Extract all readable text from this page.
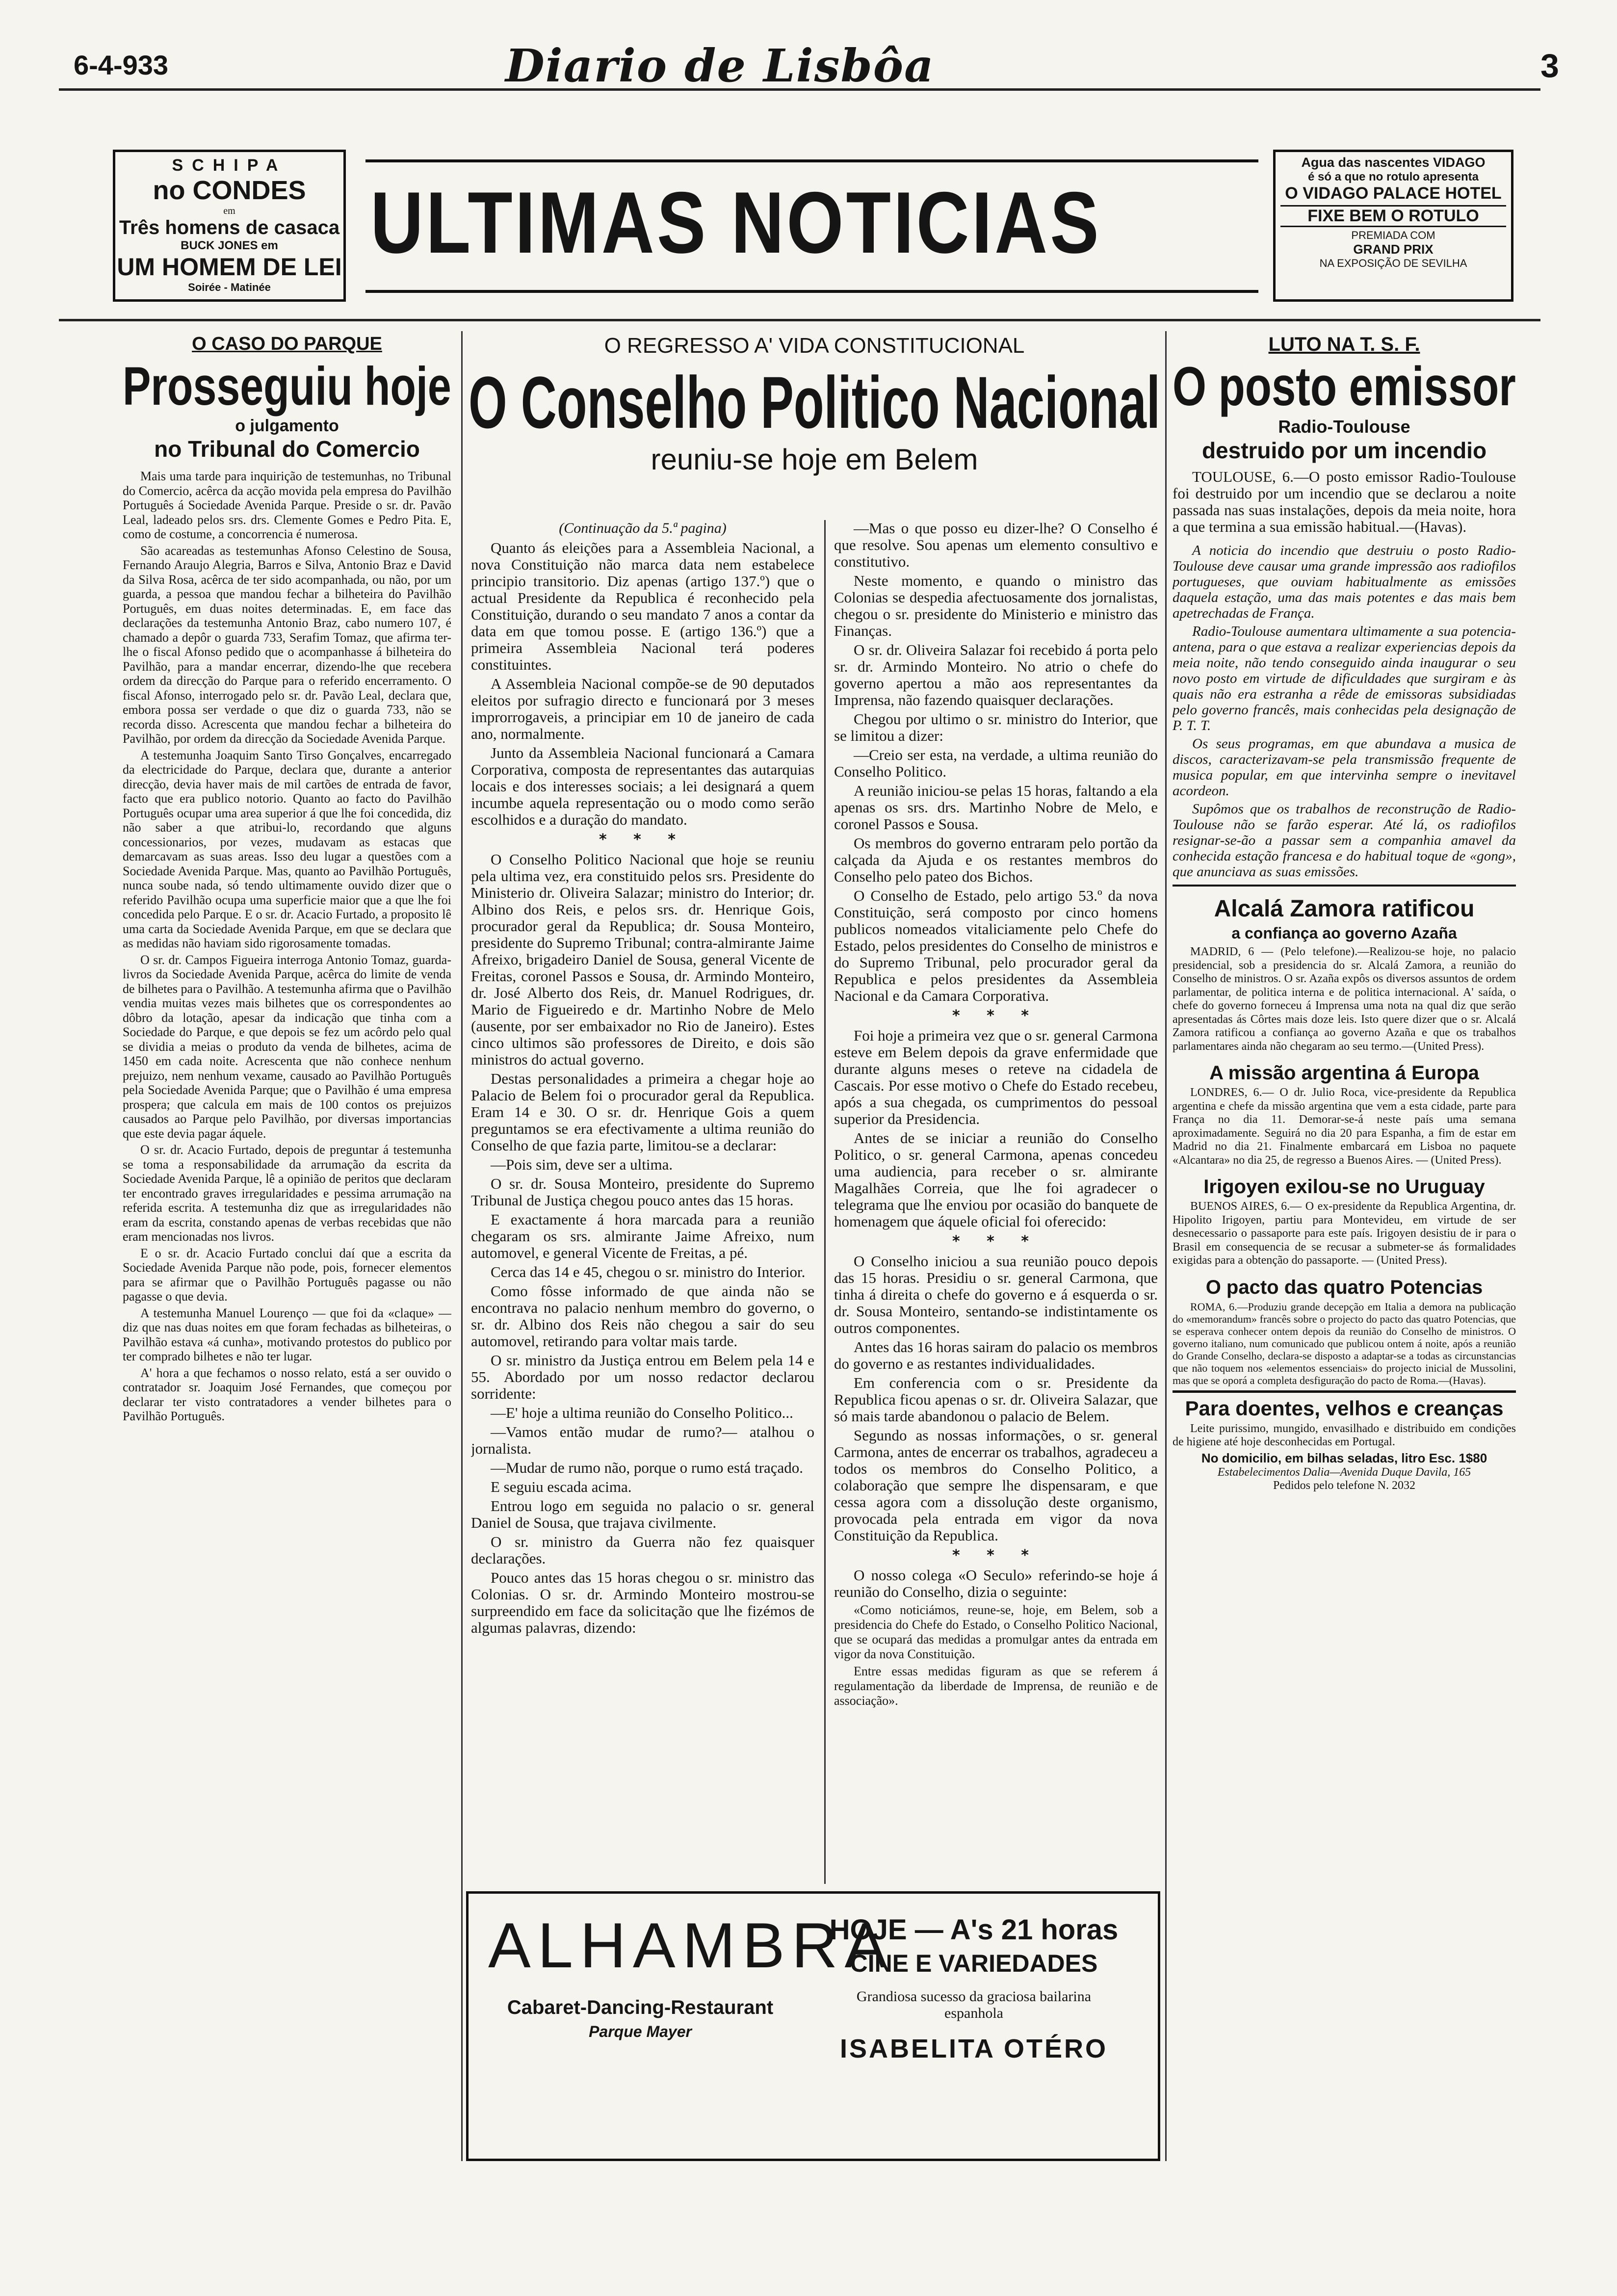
6-4-933	Diario de Lisbôa	3
SCHIPA
no CONDES
em
Três homens de casaca
BUCK JONES em
UM HOMEM DE LEI
Soirée - Matinée
ULTIMAS NOTICIAS
Agua das nascentes VIDAGO
é só a que no rotulo apresenta
O VIDAGO PALACE HOTEL
FIXE BEM O ROTULO
PREMIADA COM
GRAND PRIX
NA EXPOSIÇÃO DE SEVILHA
O CASO DO PARQUE
Prosseguiu hoje
o julgamento
no Tribunal do Comercio

Mais uma tarde para inquirição de testemunhas, no Tribunal do Comercio, acêrca da acção movida pela empresa do Pavilhão Português á Sociedade Avenida Parque. Preside o sr. dr. Pavão Leal, ladeado pelos srs. drs. Clemente Gomes e Pedro Pita. E, como de costume, a concorrencia é numerosa.

São acareadas as testemunhas Afonso Celestino de Sousa, Fernando Araujo Alegria, Barros e Silva, Antonio Braz e David da Silva Rosa, acêrca de ter sido acompanhada, ou não, por um guarda, a pessoa que mandou fechar a bilheteira do Pavilhão Português, em duas noites determinadas. E, em face das declarações da testemunha Antonio Braz, cabo numero 107, é chamado a depôr o guarda 733, Serafim Tomaz, que afirma ter-lhe o fiscal Afonso pedido que o acompanhasse á bilheteira do Pavilhão, para a mandar encerrar, dizendo-lhe que recebera ordem da direcção do Parque para o referido encerramento. O fiscal Afonso, interrogado pelo sr. dr. Pavão Leal, declara que, embora possa ser verdade o que diz o guarda 733, não se recorda disso. Acrescenta que mandou fechar a bilheteira do Pavilhão, por ordem da direcção da Sociedade Avenida Parque.

A testemunha Joaquim Santo Tirso Gonçalves, encarregado da electricidade do Parque, declara que, durante a anterior direcção, devia haver mais de mil cartões de entrada de favor, facto que era publico notorio. Quanto ao facto do Pavilhão Português ocupar uma area superior á que lhe foi concedida, diz não saber a que atribui-lo, recordando que alguns concessionarios, por vezes, mudavam as estacas que demarcavam as suas areas. Isso deu lugar a questões com a Sociedade Avenida Parque. Mas, quanto ao Pavilhão Português, nunca soube nada, só tendo ultimamente ouvido dizer que o referido Pavilhão ocupa uma superficie maior que a que lhe foi concedida pelo Parque. E o sr. dr. Acacio Furtado, a proposito lê uma carta da Sociedade Avenida Parque, em que se declara que as medidas não haviam sido rigorosamente tomadas.

O sr. dr. Campos Figueira interroga Antonio Tomaz, guarda-livros da Sociedade Avenida Parque, acêrca do limite de venda de bilhetes para o Pavilhão. A testemunha afirma que o Pavilhão vendia muitas vezes mais bilhetes que os correspondentes ao dôbro da lotação, apesar da indicação que tinha com a Sociedade do Parque, e que depois se fez um acôrdo pelo qual se dividia a meias o produto da venda de bilhetes, acima de 1450 em cada noite. Acrescenta que não conhece nenhum prejuizo, nem nenhum vexame, causado ao Pavilhão Português pela Sociedade Avenida Parque; que o Pavilhão é uma empresa prospera; que calcula em mais de 100 contos os prejuizos causados ao Parque pelo Pavilhão, por diversas importancias que este devia pagar áquele.

O sr. dr. Acacio Furtado, depois de preguntar á testemunha se toma a responsabilidade da arrumação da escrita da Sociedade Avenida Parque, lê a opinião de peritos que declaram ter encontrado graves irregularidades e pessima arrumação na referida escrita. A testemunha diz que as irregularidades não eram da escrita, constando apenas de verbas recebidas que não eram mencionadas nos livros.

E o sr. dr. Acacio Furtado conclui daí que a escrita da Sociedade Avenida Parque não pode, pois, fornecer elementos para se afirmar que o Pavilhão Português pagasse ou não pagasse o que devia.

A testemunha Manuel Lourenço — que foi da «claque» — diz que nas duas noites em que foram fechadas as bilheteiras, o Pavilhão estava «á cunha», motivando protestos do publico por ter comprado bilhetes e não ter lugar.

A' hora a que fechamos o nosso relato, está a ser ouvido o contratador sr. Joaquim José Fernandes, que começou por declarar ter visto contratadores a vender bilhetes para o Pavilhão Português.

O REGRESSO A' VIDA CONSTITUCIONAL
O Conselho Politico Nacional
reuniu-se hoje em Belem
(Continuação da 5.ª pagina)

Quanto ás eleições para a Assembleia Nacional, a nova Constituição não marca data nem estabelece principio transitorio. Diz apenas (artigo 137.º) que o actual Presidente da Republica é reconhecido pela Constituição, durando o seu mandato 7 anos a contar da data em que tomou posse. E (artigo 136.º) que a primeira Assembleia Nacional terá poderes constituintes.

A Assembleia Nacional compõe-se de 90 deputados eleitos por sufragio directo e funcionará por 3 meses improrrogaveis, a principiar em 10 de janeiro de cada ano, normalmente.

Junto da Assembleia Nacional funcionará a Camara Corporativa, composta de representantes das autarquias locais e dos interesses sociais; a lei designará a quem incumbe aquela representação ou o modo como serão escolhidos e a duração do mandato.

* * *

O Conselho Politico Nacional que hoje se reuniu pela ultima vez, era constituido pelos srs. Presidente do Ministerio dr. Oliveira Salazar; ministro do Interior; dr. Albino dos Reis, e pelos srs. dr. Henrique Gois, procurador geral da Republica; dr. Sousa Monteiro, presidente do Supremo Tribunal; contra-almirante Jaime Afreixo, brigadeiro Daniel de Sousa, general Vicente de Freitas, coronel Passos e Sousa, dr. Armindo Monteiro, dr. José Alberto dos Reis, dr. Manuel Rodrigues, dr. Mario de Figueiredo e dr. Martinho Nobre de Melo (ausente, por ser embaixador no Rio de Janeiro). Estes cinco ultimos são professores de Direito, e dois são ministros do actual governo.

Destas personalidades a primeira a chegar hoje ao Palacio de Belem foi o procurador geral da Republica. Eram 14 e 30. O sr. dr. Henrique Gois a quem preguntamos se era efectivamente a ultima reunião do Conselho de que fazia parte, limitou-se a declarar:

—Pois sim, deve ser a ultima.

O sr. dr. Sousa Monteiro, presidente do Supremo Tribunal de Justiça chegou pouco antes das 15 horas.

E exactamente á hora marcada para a reunião chegaram os srs. almirante Jaime Afreixo, num automovel, e general Vicente de Freitas, a pé.

Cerca das 14 e 45, chegou o sr. ministro do Interior.

Como fôsse informado de que ainda não se encontrava no palacio nenhum membro do governo, o sr. dr. Albino dos Reis não chegou a sair do seu automovel, retirando para voltar mais tarde.

O sr. ministro da Justiça entrou em Belem pela 14 e 55. Abordado por um nosso redactor declarou sorridente:

—E' hoje a ultima reunião do Conselho Politico...

—Vamos então mudar de rumo?— atalhou o jornalista.

—Mudar de rumo não, porque o rumo está traçado.

E seguiu escada acima.

Entrou logo em seguida no palacio o sr. general Daniel de Sousa, que trajava civilmente.

O sr. ministro da Guerra não fez quaisquer declarações.

Pouco antes das 15 horas chegou o sr. ministro das Colonias. O sr. dr. Armindo Monteiro mostrou-se surpreendido em face da solicitação que lhe fizémos de algumas palavras, dizendo:

—Mas o que posso eu dizer-lhe? O Conselho é que resolve. Sou apenas um elemento consultivo e constitutivo.

Neste momento, e quando o ministro das Colonias se despedia afectuosamente dos jornalistas, chegou o sr. presidente do Ministerio e ministro das Finanças.

O sr. dr. Oliveira Salazar foi recebido á porta pelo sr. dr. Armindo Monteiro. No atrio o chefe do governo apertou a mão aos representantes da Imprensa, não fazendo quaisquer declarações.

Chegou por ultimo o sr. ministro do Interior, que se limitou a dizer:

—Creio ser esta, na verdade, a ultima reunião do Conselho Politico.

A reunião iniciou-se pelas 15 horas, faltando a ela apenas os srs. drs. Martinho Nobre de Melo, e coronel Passos e Sousa.

Os membros do governo entraram pelo portão da calçada da Ajuda e os restantes membros do Conselho pelo pateo dos Bichos.

O Conselho de Estado, pelo artigo 53.º da nova Constituição, será composto por cinco homens publicos nomeados vitaliciamente pelo Chefe do Estado, pelos presidentes do Conselho de ministros e do Supremo Tribunal, pelo procurador geral da Republica e pelos presidentes da Assembleia Nacional e da Camara Corporativa.

* * *

Foi hoje a primeira vez que o sr. general Carmona esteve em Belem depois da grave enfermidade que durante alguns meses o reteve na cidadela de Cascais. Por esse motivo o Chefe do Estado recebeu, após a sua chegada, os cumprimentos do pessoal superior da Presidencia.

Antes de se iniciar a reunião do Conselho Politico, o sr. general Carmona, apenas concedeu uma audiencia, para receber o sr. almirante Magalhães Correia, que lhe foi agradecer o telegrama que lhe enviou por ocasião do banquete de homenagem que áquele oficial foi oferecido:

* * *

O Conselho iniciou a sua reunião pouco depois das 15 horas. Presidiu o sr. general Carmona, que tinha á direita o chefe do governo e á esquerda o sr. dr. Sousa Monteiro, sentando-se indistintamente os outros componentes.

Antes das 16 horas sairam do palacio os membros do governo e as restantes individualidades.

Em conferencia com o sr. Presidente da Republica ficou apenas o sr. dr. Oliveira Salazar, que só mais tarde abandonou o palacio de Belem.

Segundo as nossas informações, o sr. general Carmona, antes de encerrar os trabalhos, agradeceu a todos os membros do Conselho Politico, a colaboração que sempre lhe dispensaram, e que cessa agora com a dissolução deste organismo, provocada pela entrada em vigor da nova Constituição da Republica.

* * *

O nosso colega «O Seculo» referindo-se hoje á reunião do Conselho, dizia o seguinte:

«Como noticiámos, reune-se, hoje, em Belem, sob a presidencia do Chefe do Estado, o Conselho Politico Nacional, que se ocupará das medidas a promulgar antes da entrada em vigor da nova Constituição.

Entre essas medidas figuram as que se referem á regulamentação da liberdade de Imprensa, de reunião e de associação».

ALHAMBRA
Cabaret-Dancing-Restaurant
Parque Mayer
HOJE — A's 21 horas
CINE E VARIEDADES
Grandiosa sucesso da graciosa bailarina
espanhola
ISABELITA OTÉRO
LUTO NA T. S. F.
O posto emissor
Radio-Toulouse
destruido por um incendio

TOULOUSE, 6.—O posto emissor Radio-Toulouse foi destruido por um incendio que se declarou a noite passada nas suas instalações, depois da meia noite, hora a que termina a sua emissão habitual.—(Havas).

A noticia do incendio que destruiu o posto Radio-Toulouse deve causar uma grande impressão aos radiofilos portugueses, que ouviam habitualmente as emissões daquela estação, uma das mais potentes e das mais bem apetrechadas de França.

Radio-Toulouse aumentara ultimamente a sua potencia-antena, para o que estava a realizar experiencias depois da meia noite, não tendo conseguido ainda inaugurar o seu novo posto em virtude de dificuldades que surgiram e às quais não era estranha a rêde de emissoras subsidiadas pelo governo francês, mais conhecidas pela designação de P. T. T.

Os seus programas, em que abundava a musica de discos, caracterizavam-se pela transmissão frequente de musica popular, em que intervinha sempre o inevitavel acordeon.

Supômos que os trabalhos de reconstrução de Radio-Toulouse não se farão esperar. Até lá, os radiofilos resignar-se-ão a passar sem a companhia amavel da conhecida estação francesa e do habitual toque de «gong», que anunciava as suas emissões.

Alcalá Zamora ratificou
a confiança ao governo Azaña

MADRID, 6 — (Pelo telefone).—Realizou-se hoje, no palacio presidencial, sob a presidencia do sr. Alcalá Zamora, a reunião do Conselho de ministros. O sr. Azaña expôs os diversos assuntos de ordem parlamentar, de politica interna e de politica internacional. A' saída, o chefe do governo forneceu á Imprensa uma nota na qual diz que serão apresentadas ás Côrtes mais doze leis. Isto quere dizer que o sr. Alcalá Zamora ratificou a confiança ao governo Azaña e que os trabalhos parlamentares ainda não chegaram ao seu termo.—(United Press).

A missão argentina á Europa

LONDRES, 6.— O dr. Julio Roca, vice-presidente da Republica argentina e chefe da missão argentina que vem a esta cidade, parte para França no dia 11. Demorar-se-á neste país uma semana aproximadamente. Seguirá no dia 20 para Espanha, a fim de estar em Madrid no dia 21. Finalmente embarcará em Lisboa no paquete «Alcantara» no dia 25, de regresso a Buenos Aires. — (United Press).

Irigoyen exilou-se no Uruguay

BUENOS AIRES, 6.— O ex-presidente da Republica Argentina, dr. Hipolito Irigoyen, partiu para Montevideu, em virtude de ser desnecessario o passaporte para este país. Irigoyen desistiu de ir para o Brasil em consequencia de se recusar a submeter-se ás formalidades exigidas para a obtenção do passaporte. — (United Press).

O pacto das quatro Potencias

ROMA, 6.—Produziu grande decepção em Italia a demora na publicação do «memorandum» francês sobre o projecto do pacto das quatro Potencias, que se esperava conhecer ontem depois da reunião do Conselho de ministros. O governo italiano, num comunicado que publicou ontem á noite, após a reunião do Grande Conselho, declara-se disposto a adaptar-se a todas as circunstancias que não toquem nos «elementos essenciais» do projecto inicial de Mussolini, mas que se oporá a completa desfiguração do pacto de Roma.—(Havas).

Para doentes, velhos e creanças

Leite purissimo, mungido, envasilhado e distribuido em condições de higiene até hoje desconhecidas em Portugal.

No domicilio, em bilhas seladas, litro Esc. 1$80
Estabelecimentos Dalia—Avenida Duque Davila, 165
Pedidos pelo telefone N. 2032
